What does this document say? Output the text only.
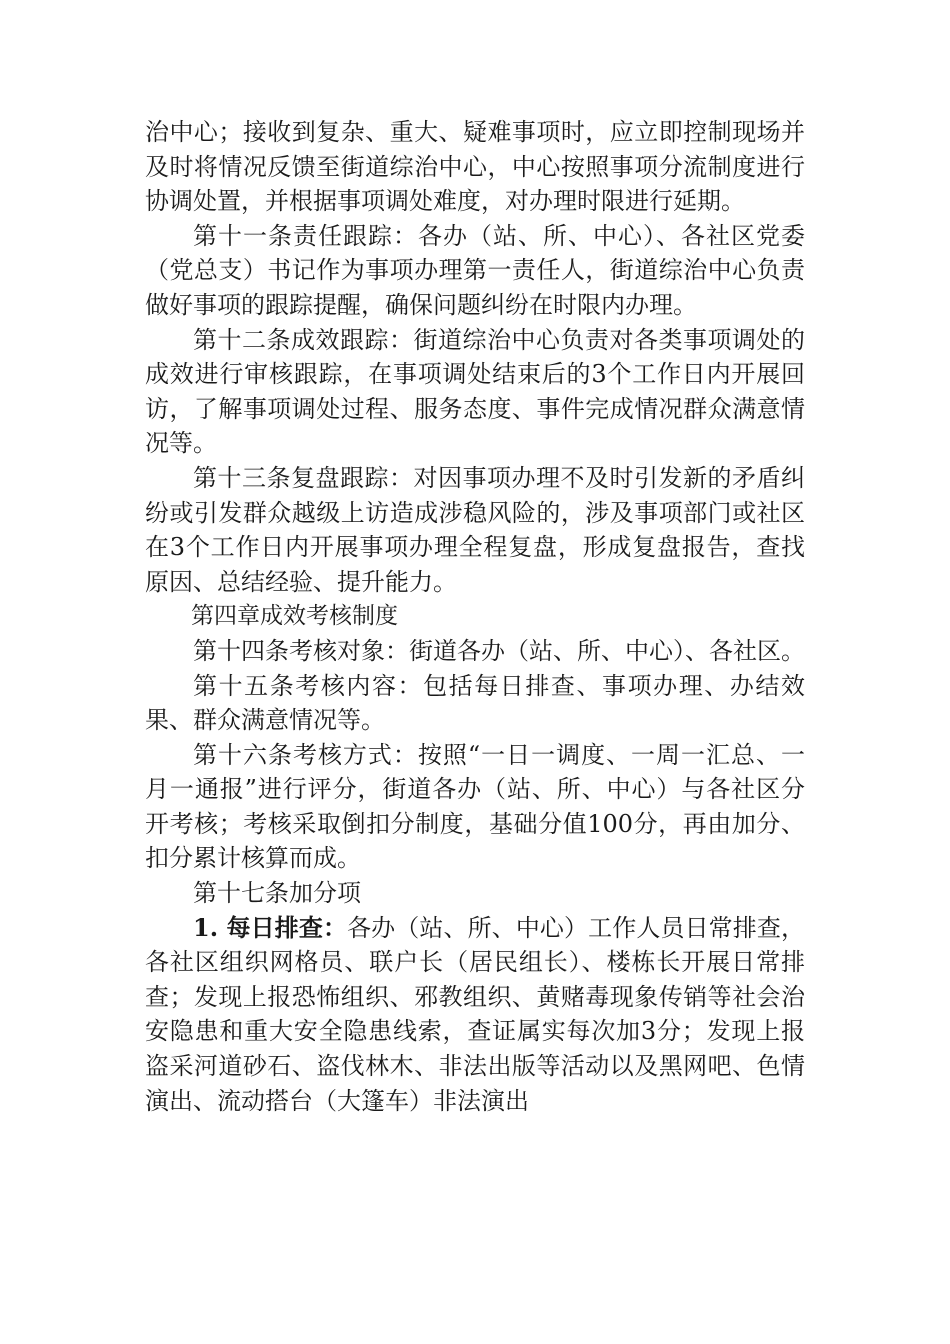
治中心；接收到复杂、重大、疑难事项时，应立即控制现场并及时将情况反馈至街道综治中心，中心按照事项分流制度进行协调处置，并根据事项调处难度，对办理时限进行延期。

第十一条责任跟踪：各办（站、所、中心）、各社区党委（党总支）书记作为事项办理第一责任人，街道综治中心负责做好事项的跟踪提醒，确保问题纠纷在时限内办理。

第十二条成效跟踪：街道综治中心负责对各类事项调处的成效进行审核跟踪，在事项调处结束后的3个工作日内开展回访，了解事项调处过程、服务态度、事件完成情况群众满意情况等。

第十三条复盘跟踪：对因事项办理不及时引发新的矛盾纠纷或引发群众越级上访造成涉稳风险的，涉及事项部门或社区在3个工作日内开展事项办理全程复盘，形成复盘报告，查找原因、总结经验、提升能力。

第四章成效考核制度

第十四条考核对象：街道各办（站、所、中心）、各社区。

第十五条考核内容：包括每日排查、事项办理、办结效果、群众满意情况等。

第十六条考核方式：按照“一日一调度、一周一汇总、一月一通报”进行评分，街道各办（站、所、中心）与各社区分开考核；考核采取倒扣分制度，基础分值100分，再由加分、扣分累计核算而成。

第十七条加分项

1. 每日排查：各办（站、所、中心）工作人员日常排查，各社区组织网格员、联户长（居民组长）、楼栋长开展日常排查；发现上报恐怖组织、邪教组织、黄赌毒现象传销等社会治安隐患和重大安全隐患线索，查证属实每次加3分；发现上报盗采河道砂石、盗伐林木、非法出版等活动以及黑网吧、色情演出、流动搭台（大篷车）非法演出
